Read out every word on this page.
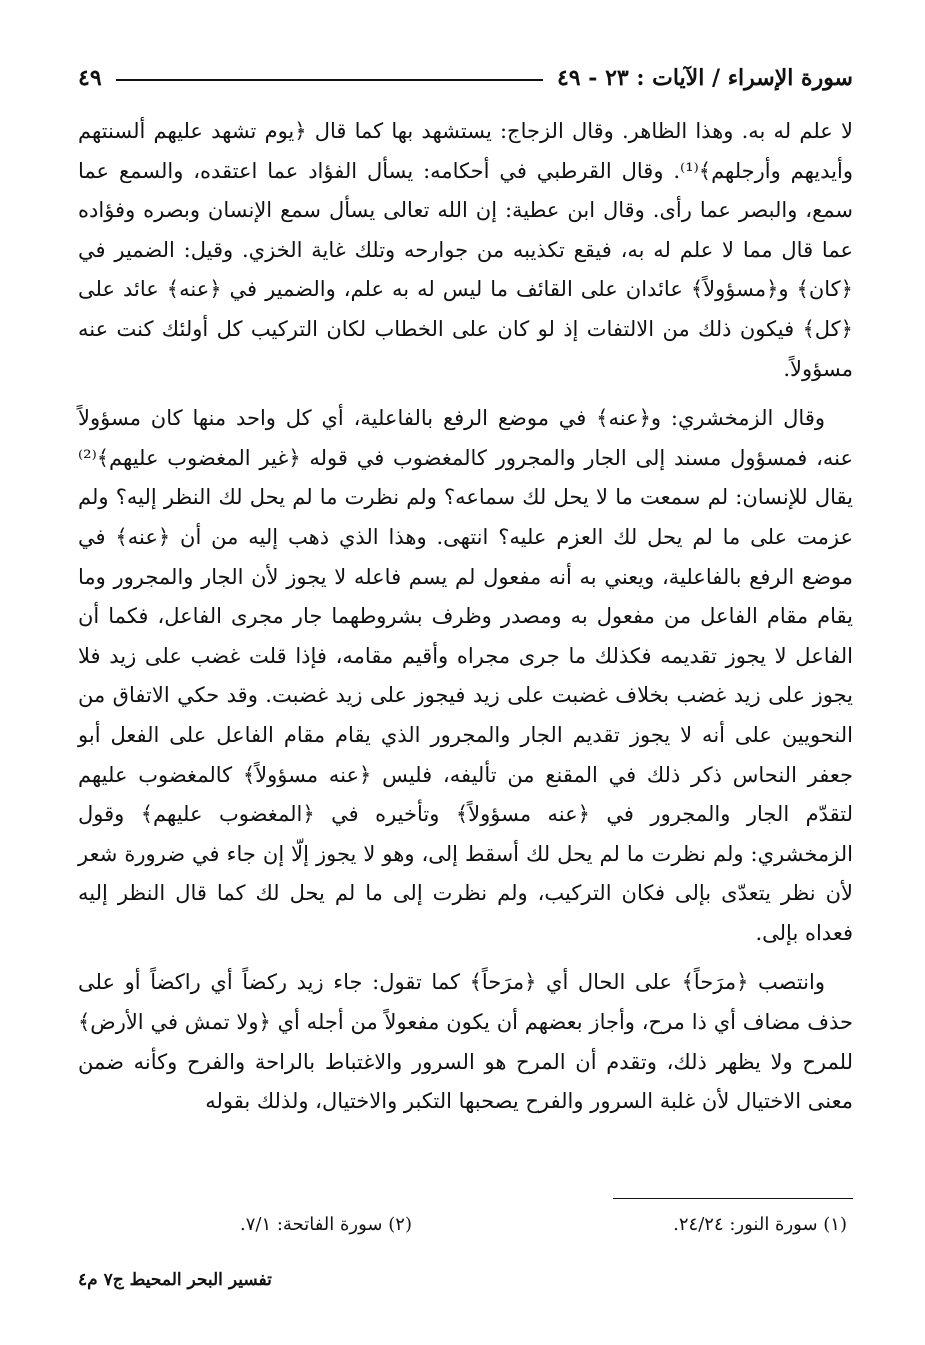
سورة الإسراء / الآيات : ٢٣ - ٤٩
٤٩

لا علم له به. وهذا الظاهر. وقال الزجاج: يستشهد بها كما قال ﴿يوم تشهد عليهم ألسنتهم وأيديهم وأرجلهم﴾⁽¹⁾. وقال القرطبي في أحكامه: يسأل الفؤاد عما اعتقده، والسمع عما سمع، والبصر عما رأى. وقال ابن عطية: إن الله تعالى يسأل سمع الإنسان وبصره وفؤاده عما قال مما لا علم له به، فيقع تكذيبه من جوارحه وتلك غاية الخزي. وقيل: الضمير في ﴿كان﴾ و﴿مسؤولاً﴾ عائدان على القائف ما ليس له به علم، والضمير في ﴿عنه﴾ عائد على ﴿كل﴾ فيكون ذلك من الالتفات إذ لو كان على الخطاب لكان التركيب كل أولئك كنت عنه مسؤولاً.

وقال الزمخشري: و﴿عنه﴾ في موضع الرفع بالفاعلية، أي كل واحد منها كان مسؤولاً عنه، فمسؤول مسند إلى الجار والمجرور كالمغضوب في قوله ﴿غير المغضوب عليهم﴾⁽²⁾ يقال للإنسان: لم سمعت ما لا يحل لك سماعه؟ ولم نظرت ما لم يحل لك النظر إليه؟ ولم عزمت على ما لم يحل لك العزم عليه؟ انتهى. وهذا الذي ذهب إليه من أن ﴿عنه﴾ في موضع الرفع بالفاعلية، ويعني به أنه مفعول لم يسم فاعله لا يجوز لأن الجار والمجرور وما يقام مقام الفاعل من مفعول به ومصدر وظرف بشروطهما جار مجرى الفاعل، فكما أن الفاعل لا يجوز تقديمه فكذلك ما جرى مجراه وأقيم مقامه، فإذا قلت غضب على زيد فلا يجوز على زيد غضب بخلاف غضبت على زيد فيجوز على زيد غضبت. وقد حكي الاتفاق من النحويين على أنه لا يجوز تقديم الجار والمجرور الذي يقام مقام الفاعل على الفعل أبو جعفر النحاس ذكر ذلك في المقنع من تأليفه، فليس ﴿عنه مسؤولاً﴾ كالمغضوب عليهم لتقدّم الجار والمجرور في ﴿عنه مسؤولاً﴾ وتأخيره في ﴿المغضوب عليهم﴾ وقول الزمخشري: ولم نظرت ما لم يحل لك أسقط إلى، وهو لا يجوز إلّا إن جاء في ضرورة شعر لأن نظر يتعدّى بإلى فكان التركيب، ولم نظرت إلى ما لم يحل لك كما قال النظر إليه فعداه بإلى.

وانتصب ﴿مرَحاً﴾ على الحال أي ﴿مرَحاً﴾ كما تقول: جاء زيد ركضاً أي راكضاً أو على حذف مضاف أي ذا مرح، وأجاز بعضهم أن يكون مفعولاً من أجله أي ﴿ولا تمش في الأرض﴾ للمرح ولا يظهر ذلك، وتقدم أن المرح هو السرور والاغتباط بالراحة والفرح وكأنه ضمن معنى الاختيال لأن غلبة السرور والفرح يصحبها التكبر والاختيال، ولذلك بقوله

(١) سورة النور: ٢٤/٢٤.
(٢) سورة الفاتحة: ٧/١.
تفسير البحر المحيط ج٧ م٤
